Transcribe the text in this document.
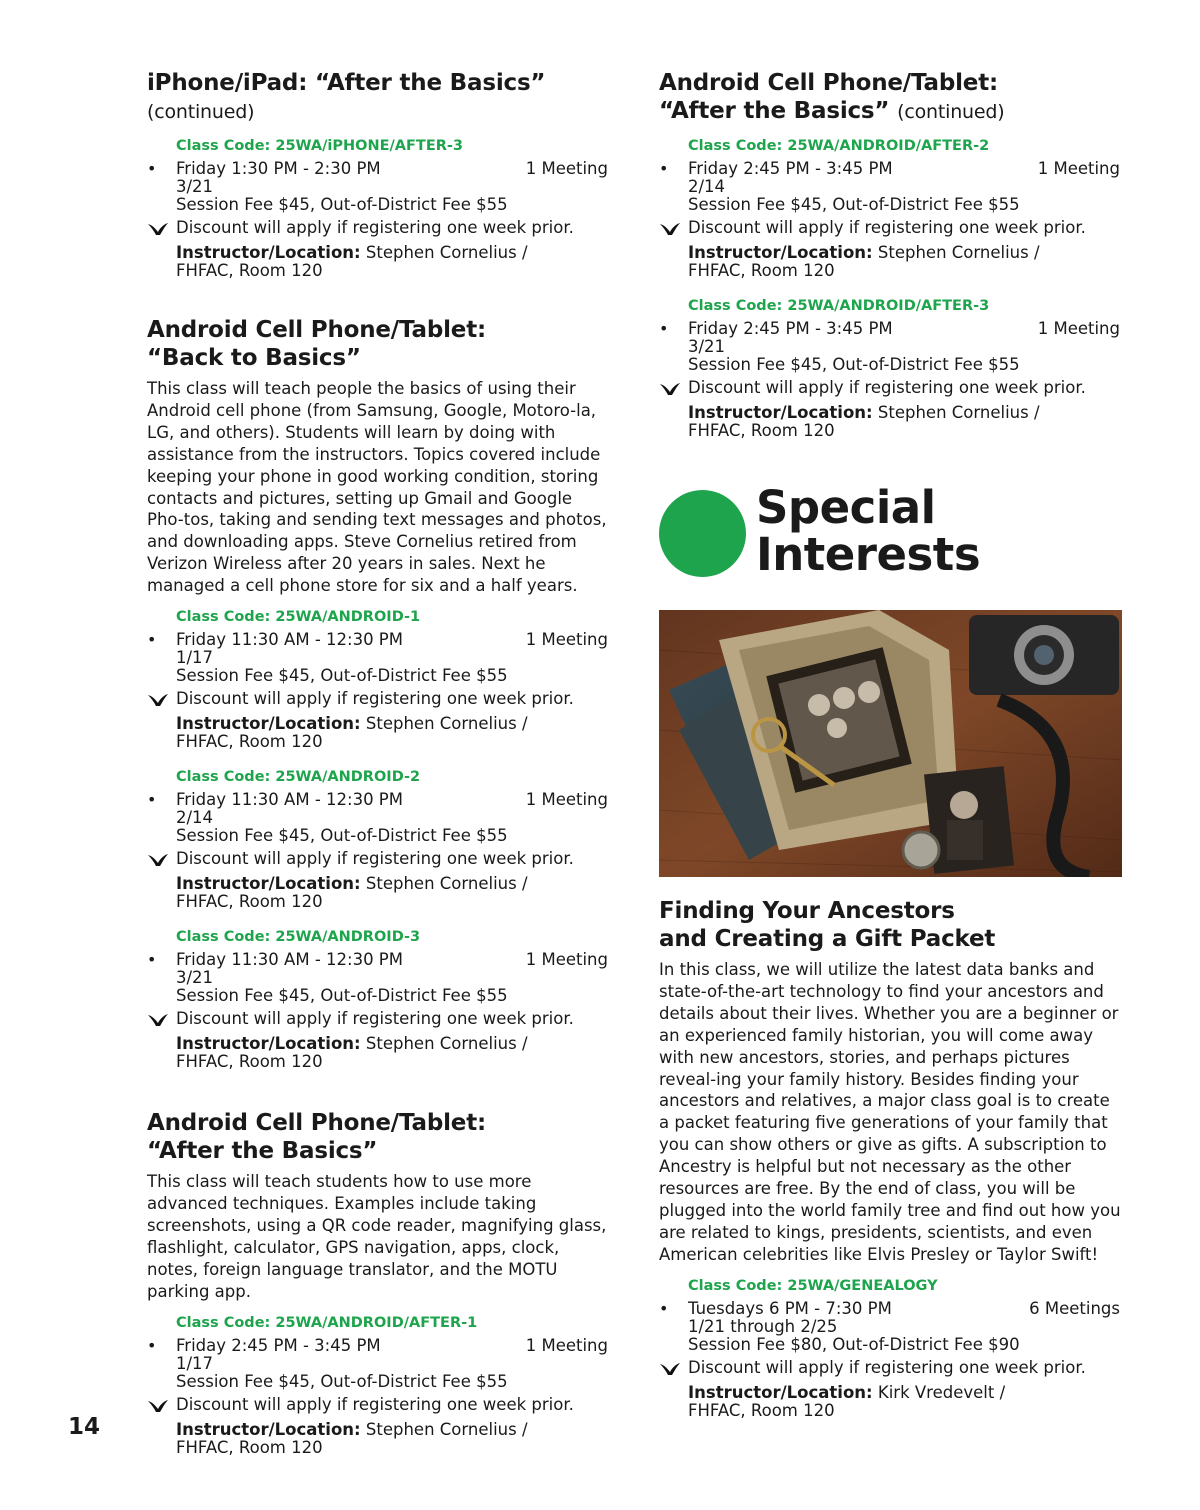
iPhone/iPad: “After the Basics” (continued)
Class Code: 25WA/iPHONE/AFTER-3
• Friday 1:30 PM - 2:30 PM	1 Meeting
3/21
Session Fee $45, Out-of-District Fee $55
Discount will apply if registering one week prior.
Instructor/Location: Stephen Cornelius /
FHFAC, Room 120
Android Cell Phone/Tablet:
“Back to Basics”

This class will teach people the basics of using their Android cell phone (from Samsung, Google, Motoro-la, LG, and others). Students will learn by doing with assistance from the instructors. Topics covered include keeping your phone in good working condition, storing contacts and pictures, setting up Gmail and Google Pho-tos, taking and sending text messages and photos, and downloading apps. Steve Cornelius retired from Verizon Wireless after 20 years in sales. Next he managed a cell phone store for six and a half years.

Class Code: 25WA/ANDROID-1
• Friday 11:30 AM - 12:30 PM	1 Meeting
1/17
Session Fee $45, Out-of-District Fee $55
Discount will apply if registering one week prior.
Instructor/Location: Stephen Cornelius /
FHFAC, Room 120
Class Code: 25WA/ANDROID-2
• Friday 11:30 AM - 12:30 PM	1 Meeting
2/14
Session Fee $45, Out-of-District Fee $55
Discount will apply if registering one week prior.
Instructor/Location: Stephen Cornelius /
FHFAC, Room 120
Class Code: 25WA/ANDROID-3
• Friday 11:30 AM - 12:30 PM	1 Meeting
3/21
Session Fee $45, Out-of-District Fee $55
Discount will apply if registering one week prior.
Instructor/Location: Stephen Cornelius /
FHFAC, Room 120
Android Cell Phone/Tablet:
“After the Basics”

This class will teach students how to use more advanced techniques. Examples include taking screenshots, using a QR code reader, magnifying glass, flashlight, calculator, GPS navigation, apps, clock, notes, foreign language translator, and the MOTU parking app.

Class Code: 25WA/ANDROID/AFTER-1
• Friday 2:45 PM - 3:45 PM	1 Meeting
1/17
Session Fee $45, Out-of-District Fee $55
Discount will apply if registering one week prior.
Instructor/Location: Stephen Cornelius /
FHFAC, Room 120
Android Cell Phone/Tablet:
“After the Basics” (continued)
Class Code: 25WA/ANDROID/AFTER-2
• Friday 2:45 PM - 3:45 PM	1 Meeting
2/14
Session Fee $45, Out-of-District Fee $55
Discount will apply if registering one week prior.
Instructor/Location: Stephen Cornelius /
FHFAC, Room 120
Class Code: 25WA/ANDROID/AFTER-3
• Friday 2:45 PM - 3:45 PM	1 Meeting
3/21
Session Fee $45, Out-of-District Fee $55
Discount will apply if registering one week prior.
Instructor/Location: Stephen Cornelius /
FHFAC, Room 120
Special
Interests
Finding Your Ancestors
and Creating a Gift Packet

In this class, we will utilize the latest data banks and state-of-the-art technology to find your ancestors and details about their lives. Whether you are a beginner or an experienced family historian, you will come away with new ancestors, stories, and perhaps pictures reveal-ing your family history. Besides finding your ancestors and relatives, a major class goal is to create a packet featuring five generations of your family that you can show others or give as gifts. A subscription to Ancestry is helpful but not necessary as the other resources are free. By the end of class, you will be plugged into the world family tree and find out how you are related to kings, presidents, scientists, and even American celebrities like Elvis Presley or Taylor Swift!

Class Code: 25WA/GENEALOGY
• Tuesdays 6 PM - 7:30 PM	6 Meetings
1/21 through 2/25
Session Fee $80, Out-of-District Fee $90
Discount will apply if registering one week prior.
Instructor/Location: Kirk Vredevelt /
FHFAC, Room 120
14
